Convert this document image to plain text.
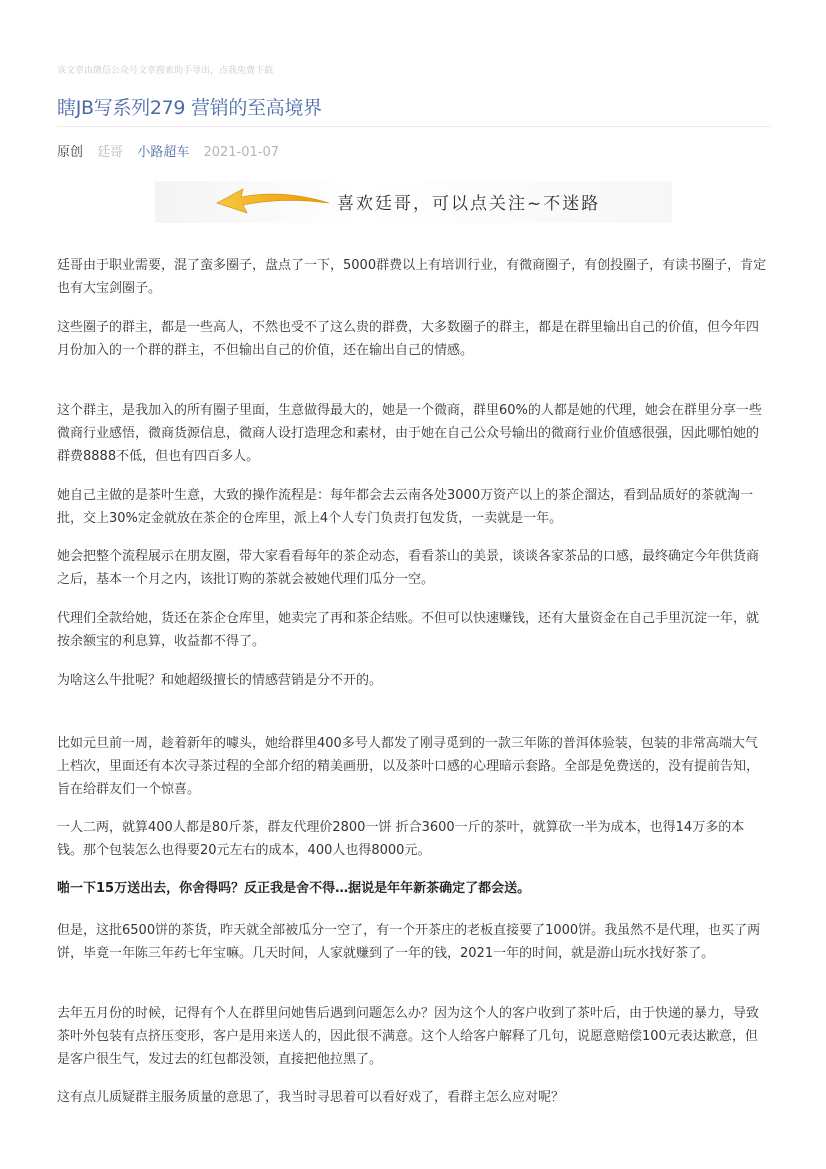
该文章由微信公众号文章搜索助手导出，点我免费下载
瞎JB写系列279 营销的至高境界
原创 廷哥 小路超车 2021-01-07
喜欢廷哥，可以点关注~不迷路

廷哥由于职业需要，混了蛮多圈子，盘点了一下，5000群费以上有培训行业，有微商圈子，有创投圈子，有读书圈子，肯定也有大宝剑圈子。

这些圈子的群主，都是一些高人，不然也受不了这么贵的群费，大多数圈子的群主，都是在群里输出自己的价值，但今年四月份加入的一个群的群主，不但输出自己的价值，还在输出自己的情感。

这个群主，是我加入的所有圈子里面，生意做得最大的，她是一个微商，群里60%的人都是她的代理，她会在群里分享一些微商行业感悟，微商货源信息，微商人设打造理念和素材，由于她在自己公众号输出的微商行业价值感很强，因此哪怕她的群费8888不低，但也有四百多人。

她自己主做的是茶叶生意，大致的操作流程是：每年都会去云南各处3000万资产以上的茶企溜达，看到品质好的茶就淘一批，交上30%定金就放在茶企的仓库里，派上4个人专门负责打包发货，一卖就是一年。

她会把整个流程展示在朋友圈，带大家看看每年的茶企动态，看看茶山的美景，谈谈各家茶品的口感，最终确定今年供货商之后，基本一个月之内，该批订购的茶就会被她代理们瓜分一空。

代理们全款给她，货还在茶企仓库里，她卖完了再和茶企结账。不但可以快速赚钱，还有大量资金在自己手里沉淀一年，就按余额宝的利息算，收益都不得了。

为啥这么牛批呢？和她超级擅长的情感营销是分不开的。

比如元旦前一周，趁着新年的噱头，她给群里400多号人都发了刚寻觅到的一款三年陈的普洱体验装，包装的非常高端大气上档次，里面还有本次寻茶过程的全部介绍的精美画册，以及茶叶口感的心理暗示套路。全部是免费送的，没有提前告知，旨在给群友们一个惊喜。

一人二两，就算400人都是80斤茶，群友代理价2800一饼 折合3600一斤的茶叶，就算砍一半为成本，也得14万多的本钱。那个包装怎么也得要20元左右的成本，400人也得8000元。

啪一下15万送出去，你舍得吗？反正我是舍不得…据说是年年新茶确定了都会送。

但是，这批6500饼的茶货，昨天就全部被瓜分一空了，有一个开茶庄的老板直接要了1000饼。我虽然不是代理，也买了两饼，毕竟一年陈三年药七年宝嘛。几天时间，人家就赚到了一年的钱，2021一年的时间，就是游山玩水找好茶了。

去年五月份的时候，记得有个人在群里问她售后遇到问题怎么办？因为这个人的客户收到了茶叶后，由于快递的暴力，导致茶叶外包装有点挤压变形，客户是用来送人的，因此很不满意。这个人给客户解释了几句，说愿意赔偿100元表达歉意，但是客户很生气，发过去的红包都没领，直接把他拉黑了。

这有点儿质疑群主服务质量的意思了，我当时寻思着可以看好戏了，看群主怎么应对呢？
